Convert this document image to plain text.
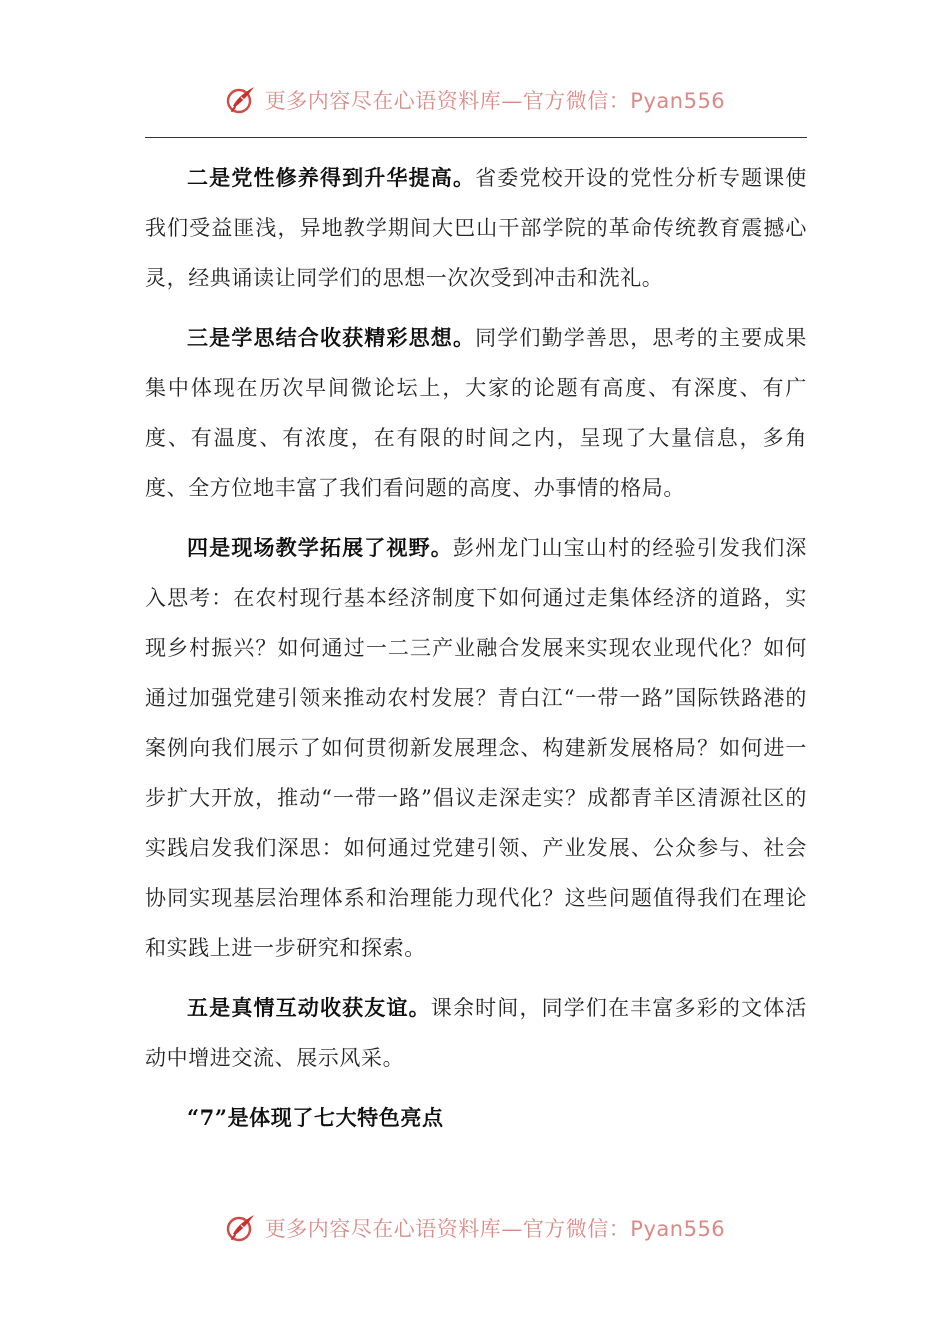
更多内容尽在心语资料库—官方微信：Pyan556

二是党性修养得到升华提高。省委党校开设的党性分析专题课使我们受益匪浅，异地教学期间大巴山干部学院的革命传统教育震撼心灵，经典诵读让同学们的思想一次次受到冲击和洗礼。

三是学思结合收获精彩思想。同学们勤学善思，思考的主要成果集中体现在历次早间微论坛上，大家的论题有高度、有深度、有广度、有温度、有浓度，在有限的时间之内，呈现了大量信息，多角度、全方位地丰富了我们看问题的高度、办事情的格局。

四是现场教学拓展了视野。彭州龙门山宝山村的经验引发我们深入思考：在农村现行基本经济制度下如何通过走集体经济的道路，实现乡村振兴？如何通过一二三产业融合发展来实现农业现代化？如何通过加强党建引领来推动农村发展？青白江“一带一路”国际铁路港的案例向我们展示了如何贯彻新发展理念、构建新发展格局？如何进一步扩大开放，推动“一带一路”倡议走深走实？成都青羊区清源社区的实践启发我们深思：如何通过党建引领、产业发展、公众参与、社会协同实现基层治理体系和治理能力现代化？这些问题值得我们在理论和实践上进一步研究和探索。

五是真情互动收获友谊。课余时间，同学们在丰富多彩的文体活动中增进交流、展示风采。

“7”是体现了七大特色亮点

更多内容尽在心语资料库—官方微信：Pyan556
